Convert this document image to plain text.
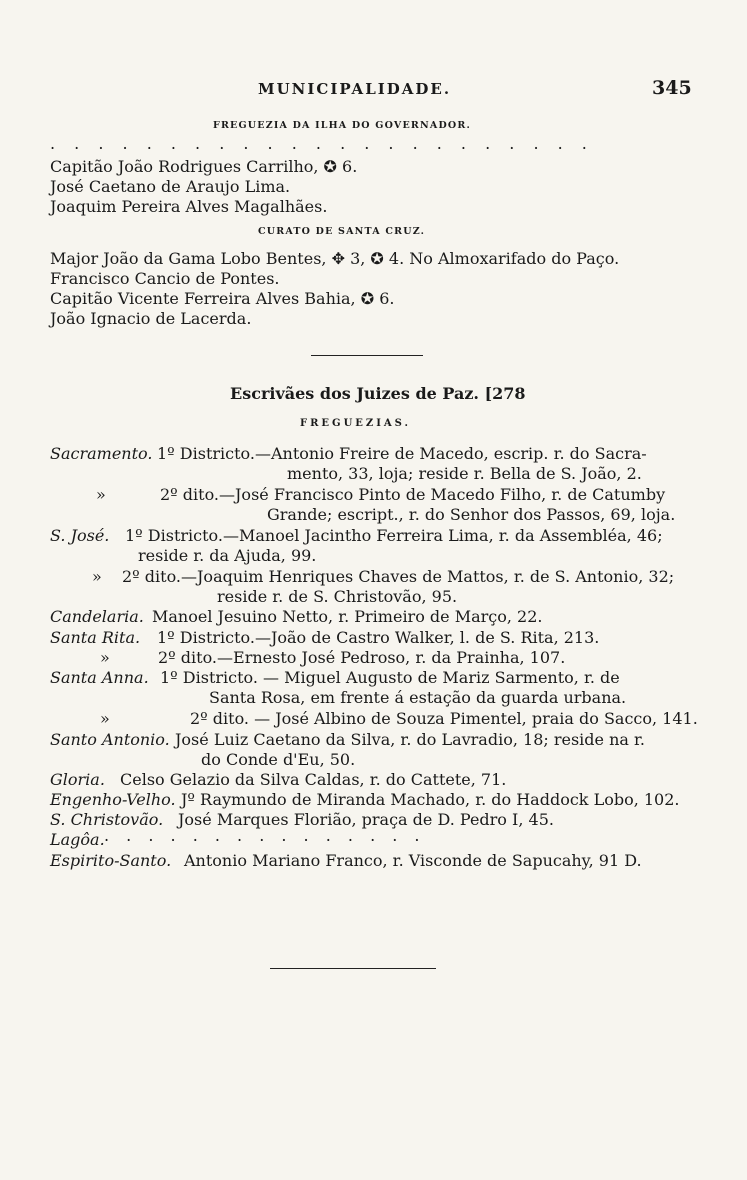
MUNICIPALIDADE.	345
FREGUEZIA DA ILHA DO GOVERNADOR.
. . . . . . . . . . . . . . . . . . . . . . .
Capitão João Rodrigues Carrilho, ✪ 6.
José Caetano de Araujo Lima.
Joaquim Pereira Alves Magalhães.
CURATO DE SANTA CRUZ.
Major João da Gama Lobo Bentes, ✥ 3, ✪ 4. No Almoxarifado do Paço.
Francisco Cancio de Pontes.
Capitão Vicente Ferreira Alves Bahia, ✪ 6.
João Ignacio de Lacerda.
Escrivães dos Juizes de Paz. [278
FREGUEZIAS.
Sacramento. 1º Districto.—Antonio Freire de Macedo, escrip. r. do Sacra-
mento, 33, loja; reside r. Bella de S. João, 2.
»	2º dito.—José Francisco Pinto de Macedo Filho, r. de Catumby
Grande; escript., r. do Senhor dos Passos, 69, loja.
S. José. 1º Districto.—Manoel Jacintho Ferreira Lima, r. da Assembléa, 46;
reside r. da Ajuda, 99.
» 2º dito.—Joaquim Henriques Chaves de Mattos, r. de S. Antonio, 32;
reside r. de S. Christovão, 95.
Candelaria. Manoel Jesuino Netto, r. Primeiro de Março, 22.
Santa Rita. 1º Districto.—João de Castro Walker, l. de S. Rita, 213.
»	2º dito.—Ernesto José Pedroso, r. da Prainha, 107.
Santa Anna. 1º Districto. — Miguel Augusto de Mariz Sarmento, r. de
Santa Rosa, em frente á estação da guarda urbana.
»	2º dito. — José Albino de Souza Pimentel, praia do Sacco, 141.
Santo Antonio. José Luiz Caetano da Silva, r. do Lavradio, 18; reside na r.
do Conde d'Eu, 50.
Gloria. Celso Gelazio da Silva Caldas, r. do Cattete, 71.
Engenho-Velho. Jº Raymundo de Miranda Machado, r. do Haddock Lobo, 102.
S. Christovão. José Marques Florião, praça de D. Pedro I, 45.
Lagôa. . . . . . . . . . . . . . . .
Espirito-Santo. Antonio Mariano Franco, r. Visconde de Sapucahy, 91 D.
